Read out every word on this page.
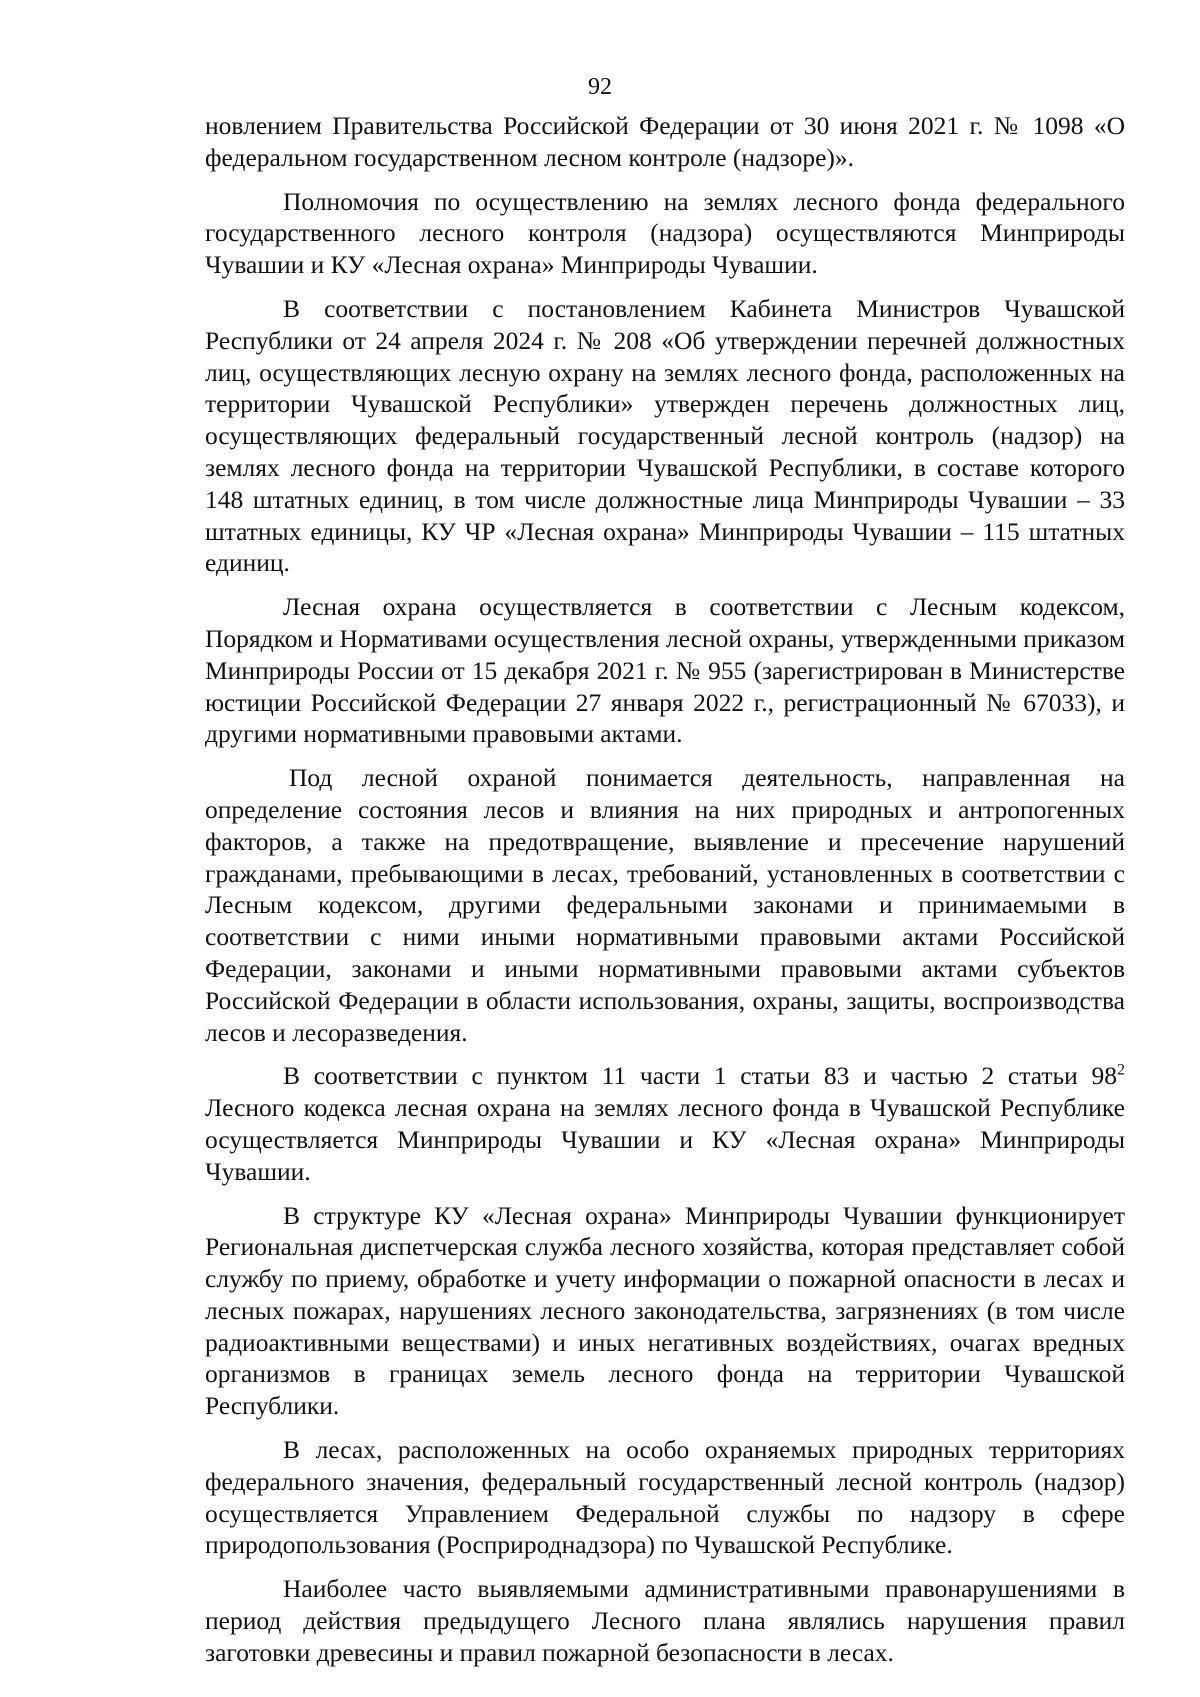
92

новлением Правительства Российской Федерации от 30 июня 2021 г. № 1098 «О федеральном государственном лесном контроле (надзоре)».

Полномочия по осуществлению на землях лесного фонда федерального государственного лесного контроля (надзора) осуществляются Минприроды Чувашии и КУ «Лесная охрана» Минприроды Чувашии.

В соответствии с постановлением Кабинета Министров Чувашской Республики от 24 апреля 2024 г. № 208 «Об утверждении перечней должностных лиц, осуществляющих лесную охрану на землях лесного фонда, расположенных на территории Чувашской Республики» утвержден перечень должностных лиц, осуществляющих федеральный государственный лесной контроль (надзор) на землях лесного фонда на территории Чувашской Республики, в составе которого 148 штатных единиц, в том числе должностные лица Минприроды Чувашии – 33 штатных единицы, КУ ЧР «Лесная охрана» Минприроды Чувашии – 115 штатных единиц.

Лесная охрана осуществляется в соответствии с Лесным кодексом, Порядком и Нормативами осуществления лесной охраны, утвержденными приказом Минприроды России от 15 декабря 2021 г. № 955 (зарегистрирован в Министерстве юстиции Российской Федерации 27 января 2022 г., регистрационный № 67033), и другими нормативными правовыми актами.

Под лесной охраной понимается деятельность, направленная на определение состояния лесов и влияния на них природных и антропогенных факторов, а также на предотвращение, выявление и пресечение нарушений гражданами, пребывающими в лесах, требований, установленных в соответствии с Лесным кодексом, другими федеральными законами и принимаемыми в соответствии с ними иными нормативными правовыми актами Российской Федерации, законами и иными нормативными правовыми актами субъектов Российской Федерации в области использования, охраны, защиты, воспроизводства лесов и лесоразведения.

В соответствии с пунктом 11 части 1 статьи 83 и частью 2 статьи $98^2$ Лесного кодекса лесная охрана на землях лесного фонда в Чувашской Республике осуществляется Минприроды Чувашии и КУ «Лесная охрана» Минприроды Чувашии.

В структуре КУ «Лесная охрана» Минприроды Чувашии функционирует Региональная диспетчерская служба лесного хозяйства, которая представляет собой службу по приему, обработке и учету информации о пожарной опасности в лесах и лесных пожарах, нарушениях лесного законодательства, загрязнениях (в том числе радиоактивными веществами) и иных негативных воздействиях, очагах вредных организмов в границах земель лесного фонда на территории Чувашской Республики.

В лесах, расположенных на особо охраняемых природных территориях федерального значения, федеральный государственный лесной контроль (надзор) осуществляется Управлением Федеральной службы по надзору в сфере природопользования (Росприроднадзора) по Чувашской Республике.

Наиболее часто выявляемыми административными правонарушениями в период действия предыдущего Лесного плана являлись нарушения правил заготовки древесины и правил пожарной безопасности в лесах.
